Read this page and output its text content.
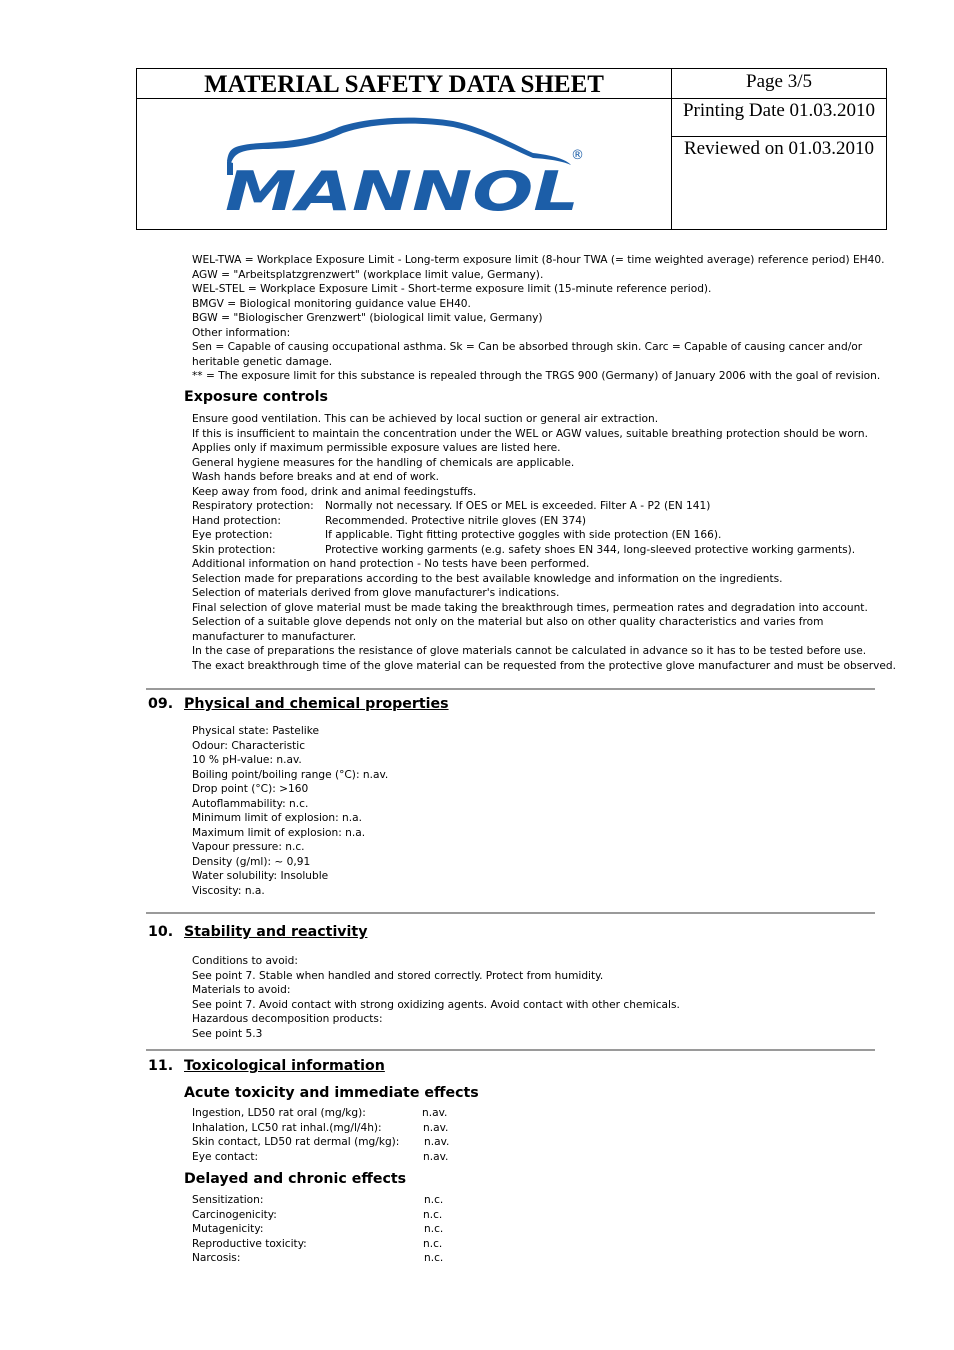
MATERIAL SAFETY DATA SHEET	Page 3/5
Printing Date 01.03.2010
Reviewed on 01.03.2010
MANNOL
®
WEL-TWA = Workplace Exposure Limit - Long-term exposure limit (8-hour TWA (= time weighted average) reference period) EH40.
AGW = "Arbeitsplatzgrenzwert" (workplace limit value, Germany).
WEL-STEL = Workplace Exposure Limit - Short-terme exposure limit (15-minute reference period).
BMGV = Biological monitoring guidance value EH40.
BGW = "Biologischer Grenzwert" (biological limit value, Germany)
Other information:
Sen = Capable of causing occupational asthma. Sk = Can be absorbed through skin. Carc = Capable of causing cancer and/or
heritable genetic damage.
** = The exposure limit for this substance is repealed through the TRGS 900 (Germany) of January 2006 with the goal of revision.
Exposure controls
Ensure good ventilation. This can be achieved by local suction or general air extraction.
If this is insufficient to maintain the concentration under the WEL or AGW values, suitable breathing protection should be worn.
Applies only if maximum permissible exposure values are listed here.
General hygiene measures for the handling of chemicals are applicable.
Wash hands before breaks and at end of work.
Keep away from food, drink and animal feedingstuffs.
Respiratory protection: Normally not necessary. If OES or MEL is exceeded. Filter A - P2 (EN 141)
Hand protection:	Recommended. Protective nitrile gloves (EN 374)
Eye protection:	If applicable. Tight fitting protective goggles with side protection (EN 166).
Skin protection:	Protective working garments (e.g. safety shoes EN 344, long-sleeved protective working garments).
Additional information on hand protection - No tests have been performed.
Selection made for preparations according to the best available knowledge and information on the ingredients.
Selection of materials derived from glove manufacturer's indications.
Final selection of glove material must be made taking the breakthrough times, permeation rates and degradation into account.
Selection of a suitable glove depends not only on the material but also on other quality characteristics and varies from
manufacturer to manufacturer.
In the case of preparations the resistance of glove materials cannot be calculated in advance so it has to be tested before use.
The exact breakthrough time of the glove material can be requested from the protective glove manufacturer and must be observed.
09. Physical and chemical properties
Physical state: Pastelike
Odour: Characteristic
10 % pH-value: n.av.
Boiling point/boiling range (°C): n.av.
Drop point (°C): >160
Autoflammability: n.c.
Minimum limit of explosion: n.a.
Maximum limit of explosion: n.a.
Vapour pressure: n.c.
Density (g/ml): ~ 0,91
Water solubility: Insoluble
Viscosity: n.a.
10. Stability and reactivity
Conditions to avoid:
See point 7. Stable when handled and stored correctly. Protect from humidity.
Materials to avoid:
See point 7. Avoid contact with strong oxidizing agents. Avoid contact with other chemicals.
Hazardous decomposition products:
See point 5.3
11. Toxicological information
Acute toxicity and immediate effects
Ingestion, LD50 rat oral (mg/kg):	n.av.
Inhalation, LC50 rat inhal.(mg/l/4h):	n.av.
Skin contact, LD50 rat dermal (mg/kg): n.av.
Eye contact:	n.av.
Delayed and chronic effects
Sensitization:	n.c.
Carcinogenicity:	n.c.
Mutagenicity:	n.c.
Reproductive toxicity:	n.c.
Narcosis:	n.c.
